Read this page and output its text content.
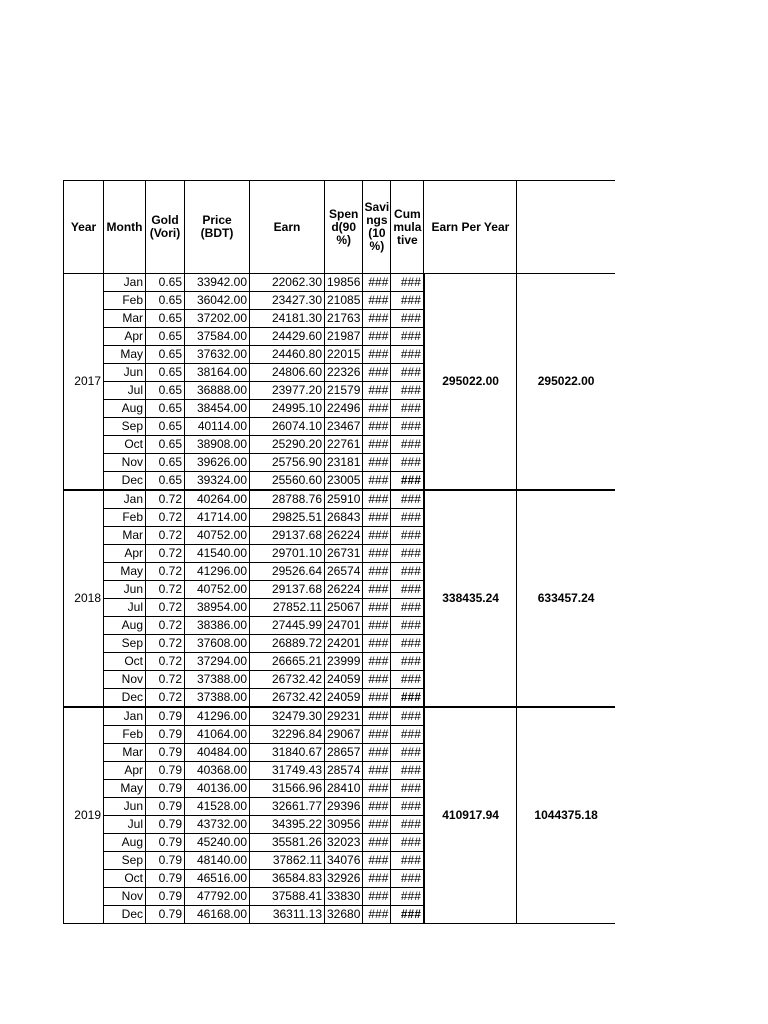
Year	Month	Gold (Vori)	Price (BDT)	Earn	Spen d(90 %)	Savi ngs (10 %)	Cum mula tive	Earn Per Year	
2017	Jan	0.65	33942.00	22062.30	19856	###	###	295022.00	295022.00
	Feb	0.65	36042.00	23427.30	21085	###	###		
	Mar	0.65	37202.00	24181.30	21763	###	###		
	Apr	0.65	37584.00	24429.60	21987	###	###		
	May	0.65	37632.00	24460.80	22015	###	###		
	Jun	0.65	38164.00	24806.60	22326	###	###		
	Jul	0.65	36888.00	23977.20	21579	###	###		
	Aug	0.65	38454.00	24995.10	22496	###	###		
	Sep	0.65	40114.00	26074.10	23467	###	###		
	Oct	0.65	38908.00	25290.20	22761	###	###		
	Nov	0.65	39626.00	25756.90	23181	###	###		
	Dec	0.65	39324.00	25560.60	23005	###	###		
2018	Jan	0.72	40264.00	28788.76	25910	###	###	338435.24	633457.24
	Feb	0.72	41714.00	29825.51	26843	###	###		
	Mar	0.72	40752.00	29137.68	26224	###	###		
	Apr	0.72	41540.00	29701.10	26731	###	###		
	May	0.72	41296.00	29526.64	26574	###	###		
	Jun	0.72	40752.00	29137.68	26224	###	###		
	Jul	0.72	38954.00	27852.11	25067	###	###		
	Aug	0.72	38386.00	27445.99	24701	###	###		
	Sep	0.72	37608.00	26889.72	24201	###	###		
	Oct	0.72	37294.00	26665.21	23999	###	###		
	Nov	0.72	37388.00	26732.42	24059	###	###		
	Dec	0.72	37388.00	26732.42	24059	###	###		
2019	Jan	0.79	41296.00	32479.30	29231	###	###	410917.94	1044375.18
	Feb	0.79	41064.00	32296.84	29067	###	###		
	Mar	0.79	40484.00	31840.67	28657	###	###		
	Apr	0.79	40368.00	31749.43	28574	###	###		
	May	0.79	40136.00	31566.96	28410	###	###		
	Jun	0.79	41528.00	32661.77	29396	###	###		
	Jul	0.79	43732.00	34395.22	30956	###	###		
	Aug	0.79	45240.00	35581.26	32023	###	###		
	Sep	0.79	48140.00	37862.11	34076	###	###		
	Oct	0.79	46516.00	36584.83	32926	###	###		
	Nov	0.79	47792.00	37588.41	33830	###	###		
	Dec	0.79	46168.00	36311.13	32680	###	###		
